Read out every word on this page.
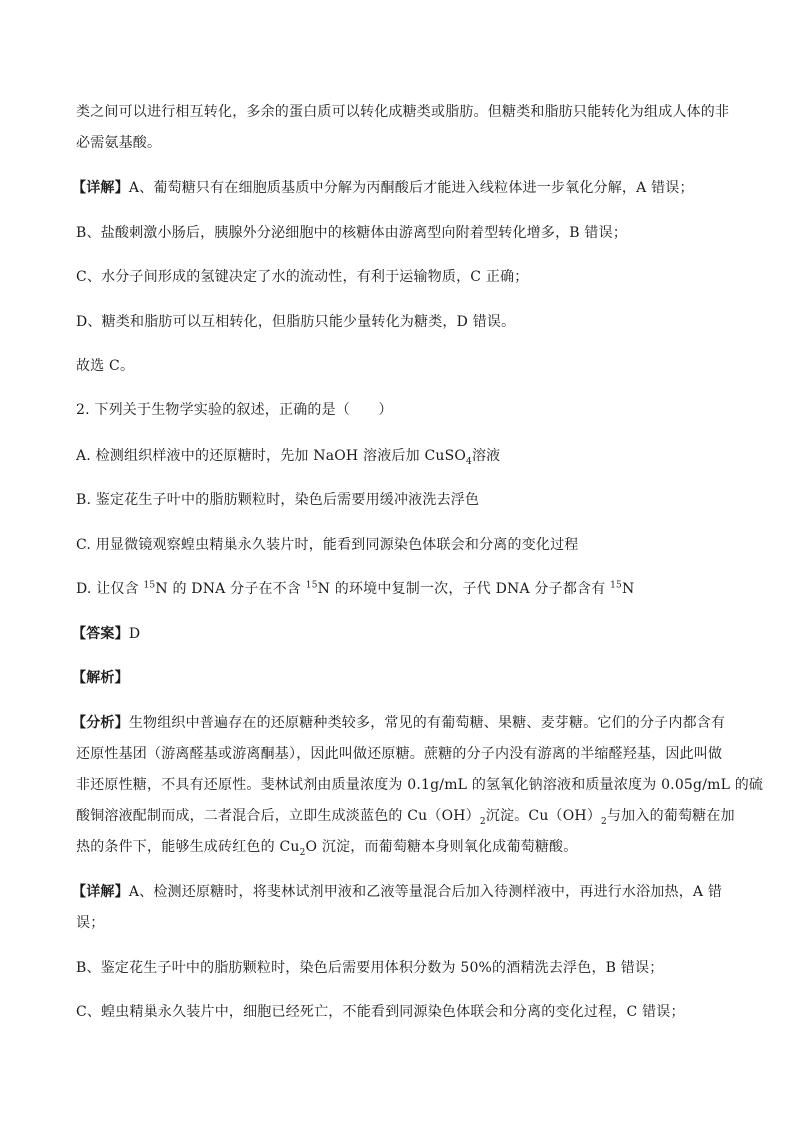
类之间可以进行相互转化，多余的蛋白质可以转化成糖类或脂肪。但糖类和脂肪只能转化为组成人体的非
必需氨基酸。
【详解】A、葡萄糖只有在细胞质基质中分解为丙酮酸后才能进入线粒体进一步氧化分解，A 错误；
B、盐酸刺激小肠后，胰腺外分泌细胞中的核糖体由游离型向附着型转化增多，B 错误；
C、水分子间形成的氢键决定了水的流动性，有利于运输物质，C 正确；
D、糖类和脂肪可以互相转化，但脂肪只能少量转化为糖类，D 错误。
故选 C。
2. 下列关于生物学实验的叙述，正确的是（　　）
A. 检测组织样液中的还原糖时，先加 NaOH 溶液后加 CuSO$_4$溶液
B. 鉴定花生子叶中的脂肪颗粒时，染色后需要用缓冲液洗去浮色
C. 用显微镜观察蝗虫精巢永久装片时，能看到同源染色体联会和分离的变化过程
D. 让仅含 $^{15}$N 的 DNA 分子在不含 $^{15}$N 的环境中复制一次，子代 DNA 分子都含有 $^{15}$N
【答案】D
【解析】
【分析】生物组织中普遍存在的还原糖种类较多，常见的有葡萄糖、果糖、麦芽糖。它们的分子内都含有
还原性基团（游离醛基或游离酮基），因此叫做还原糖。蔗糖的分子内没有游离的半缩醛羟基，因此叫做
非还原性糖，不具有还原性。斐林试剂由质量浓度为 0.1g/mL 的氢氧化钠溶液和质量浓度为 0.05g/mL 的硫
酸铜溶液配制而成，二者混合后，立即生成淡蓝色的 $Cu(OH)_2$沉淀。$Cu(OH)_2$与加入的葡萄糖在加
热的条件下，能够生成砖红色的 $Cu_2O$ 沉淀，而葡萄糖本身则氧化成葡萄糖酸。
【详解】A、检测还原糖时，将斐林试剂甲液和乙液等量混合后加入待测样液中，再进行水浴加热，A 错
误；
B、鉴定花生子叶中的脂肪颗粒时，染色后需要用体积分数为 50%的酒精洗去浮色，B 错误；
C、蝗虫精巢永久装片中，细胞已经死亡，不能看到同源染色体联会和分离的变化过程，C 错误；
